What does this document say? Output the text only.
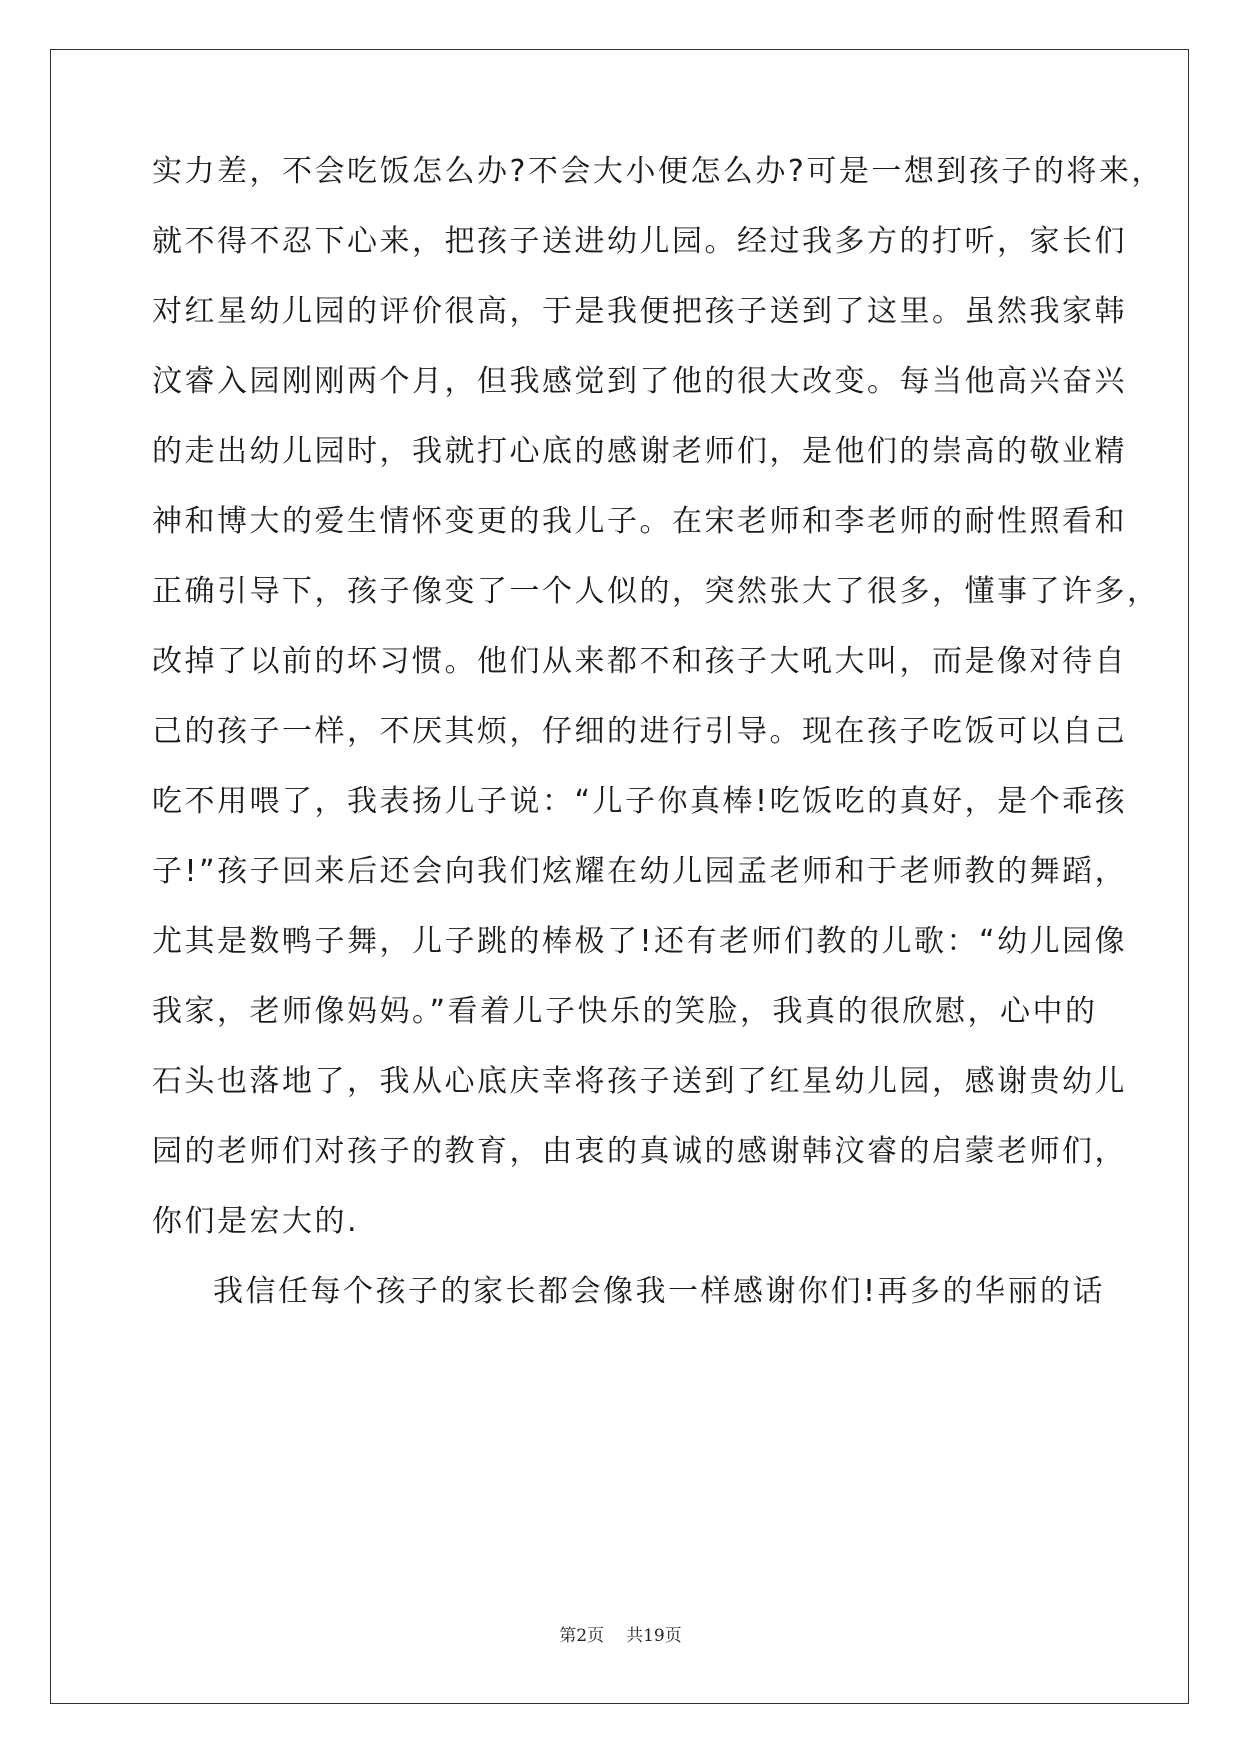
实力差，不会吃饭怎么办?不会大小便怎么办?可是一想到孩子的将来，
就不得不忍下心来，把孩子送进幼儿园。经过我多方的打听，家长们
对红星幼儿园的评价很高，于是我便把孩子送到了这里。虽然我家韩
汶睿入园刚刚两个月，但我感觉到了他的很大改变。每当他高兴奋兴
的走出幼儿园时，我就打心底的感谢老师们，是他们的崇高的敬业精
神和博大的爱生情怀变更的我儿子。在宋老师和李老师的耐性照看和
正确引导下，孩子像变了一个人似的，突然张大了很多，懂事了许多，
改掉了以前的坏习惯。他们从来都不和孩子大吼大叫，而是像对待自
己的孩子一样，不厌其烦，仔细的进行引导。现在孩子吃饭可以自己
吃不用喂了，我表扬儿子说：“儿子你真棒!吃饭吃的真好，是个乖孩
子!”孩子回来后还会向我们炫耀在幼儿园孟老师和于老师教的舞蹈，
尤其是数鸭子舞，儿子跳的棒极了!还有老师们教的儿歌：“幼儿园像
我家，老师像妈妈。”看着儿子快乐的笑脸，我真的很欣慰，心中的
石头也落地了，我从心底庆幸将孩子送到了红星幼儿园，感谢贵幼儿
园的老师们对孩子的教育，由衷的真诚的感谢韩汶睿的启蒙老师们，
你们是宏大的.
我信任每个孩子的家长都会像我一样感谢你们!再多的华丽的话
第2页 共19页
